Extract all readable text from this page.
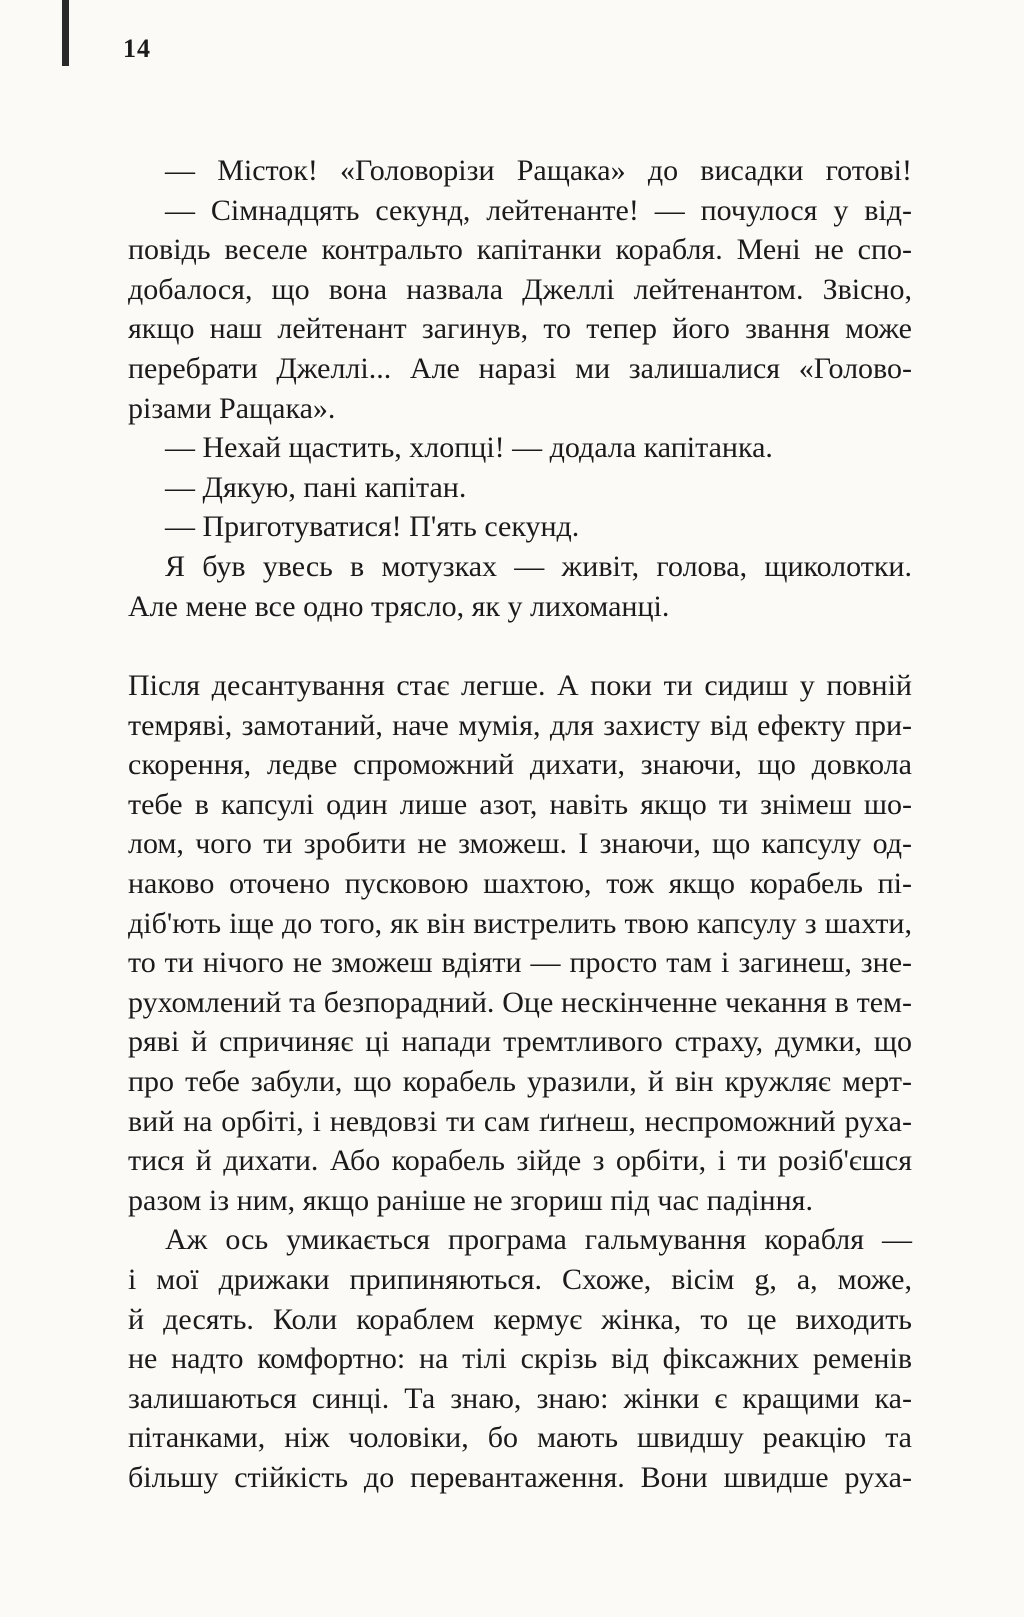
14
— Місток! «Головорізи Ращака» до висадки готові!
— Сімнадцять секунд, лейтенанте! — почулося у від-
повідь веселе контральто капітанки корабля. Мені не спо-
добалося, що вона назвала Джеллі лейтенантом. Звісно,
якщо наш лейтенант загинув, то тепер його звання може
перебрати Джеллі... Але наразі ми залишалися «Голово-
різами Ращака».
— Нехай щастить, хлопці! — додала капітанка.
— Дякую, пані капітан.
— Приготуватися! П'ять секунд.
Я був увесь в мотузках — живіт, голова, щиколотки.
Але мене все одно трясло, як у лихоманці.
Після десантування стає легше. А поки ти сидиш у повній
темряві, замотаний, наче мумія, для захисту від ефекту при-
скорення, ледве спроможний дихати, знаючи, що довкола
тебе в капсулі один лише азот, навіть якщо ти знімеш шо-
лом, чого ти зробити не зможеш. І знаючи, що капсулу од-
наково оточено пусковою шахтою, тож якщо корабель пі-
діб'ють іще до того, як він вистрелить твою капсулу з шахти,
то ти нічого не зможеш вдіяти — просто там і загинеш, зне-
рухомлений та безпорадний. Оце нескінченне чекання в тем-
ряві й спричиняє ці напади тремтливого страху, думки, що
про тебе забули, що корабель уразили, й він кружляє мерт-
вий на орбіті, і невдовзі ти сам ґиґнеш, неспроможний руха-
тися й дихати. Або корабель зійде з орбіти, і ти розіб'єшся
разом із ним, якщо раніше не згориш під час падіння.
Аж ось умикається програма гальмування корабля —
і мої дрижаки припиняються. Схоже, вісім g, а, може,
й десять. Коли кораблем кермує жінка, то це виходить
не надто комфортно: на тілі скрізь від фіксажних ременів
залишаються синці. Та знаю, знаю: жінки є кращими ка-
пітанками, ніж чоловіки, бо мають швидшу реакцію та
більшу стійкість до перевантаження. Вони швидше руха-
